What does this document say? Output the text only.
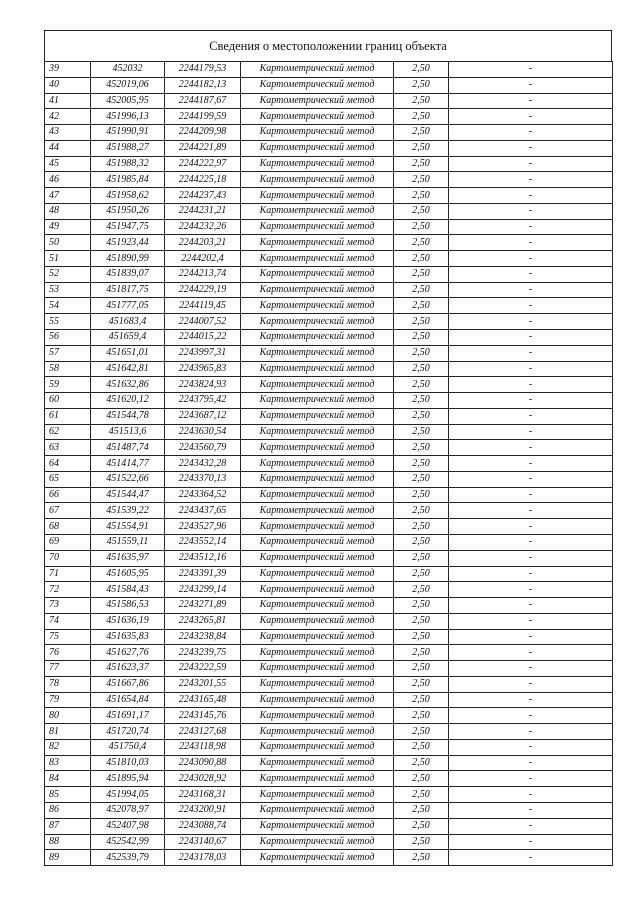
Сведения о местоположении границ объекта
39	452032	2244179,53	Картометрический метод	2,50		-
40	452019,06	2244182,13	Картометрический метод	2,50		-
41	452005,95	2244187,67	Картометрический метод	2,50		-
42	451996,13	2244199,59	Картометрический метод	2,50		-
43	451990,91	2244209,98	Картометрический метод	2,50		-
44	451988,27	2244221,89	Картометрический метод	2,50		-
45	451988,32	2244222,97	Картометрический метод	2,50		-
46	451985,84	2244225,18	Картометрический метод	2,50		-
47	451958,62	2244237,43	Картометрический метод	2,50		-
48	451950,26	2244231,21	Картометрический метод	2,50		-
49	451947,75	2244232,26	Картометрический метод	2,50		-
50	451923,44	2244203,21	Картометрический метод	2,50		-
51	451890,99	2244202,4	Картометрический метод	2,50		-
52	451839,07	2244213,74	Картометрический метод	2,50		-
53	451817,75	2244229,19	Картометрический метод	2,50		-
54	451777,05	2244119,45	Картометрический метод	2,50		-
55	451683,4	2244007,52	Картометрический метод	2,50		-
56	451659,4	2244015,22	Картометрический метод	2,50		-
57	451651,01	2243997,31	Картометрический метод	2,50		-
58	451642,81	2243965,83	Картометрический метод	2,50		-
59	451632,86	2243824,93	Картометрический метод	2,50		-
60	451620,12	2243795,42	Картометрический метод	2,50		-
61	451544,78	2243687,12	Картометрический метод	2,50		-
62	451513,6	2243630,54	Картометрический метод	2,50		-
63	451487,74	2243560,79	Картометрический метод	2,50		-
64	451414,77	2243432,28	Картометрический метод	2,50		-
65	451522,66	2243370,13	Картометрический метод	2,50		-
66	451544,47	2243364,52	Картометрический метод	2,50		-
67	451539,22	2243437,65	Картометрический метод	2,50		-
68	451554,91	2243527,96	Картометрический метод	2,50		-
69	451559,11	2243552,14	Картометрический метод	2,50		-
70	451635,97	2243512,16	Картометрический метод	2,50		-
71	451605,95	2243391,39	Картометрический метод	2,50		-
72	451584,43	2243299,14	Картометрический метод	2,50		-
73	451586,53	2243271,89	Картометрический метод	2,50		-
74	451636,19	2243265,81	Картометрический метод	2,50		-
75	451635,83	2243238,84	Картометрический метод	2,50		-
76	451627,76	2243239,75	Картометрический метод	2,50		-
77	451623,37	2243222,59	Картометрический метод	2,50		-
78	451667,86	2243201,55	Картометрический метод	2,50		-
79	451654,84	2243165,48	Картометрический метод	2,50		-
80	451691,17	2243145,76	Картометрический метод	2,50		-
81	451720,74	2243127,68	Картометрический метод	2,50		-
82	451750,4	2243118,98	Картометрический метод	2,50		-
83	451810,03	2243090,88	Картометрический метод	2,50		-
84	451895,94	2243028,92	Картометрический метод	2,50		-
85	451994,05	2243168,31	Картометрический метод	2,50		-
86	452078,97	2243200,91	Картометрический метод	2,50		-
87	452407,98	2243088,74	Картометрический метод	2,50		-
88	452542,99	2243140,67	Картометрический метод	2,50		-
89	452539,79	2243178,03	Картометрический метод	2,50		-
